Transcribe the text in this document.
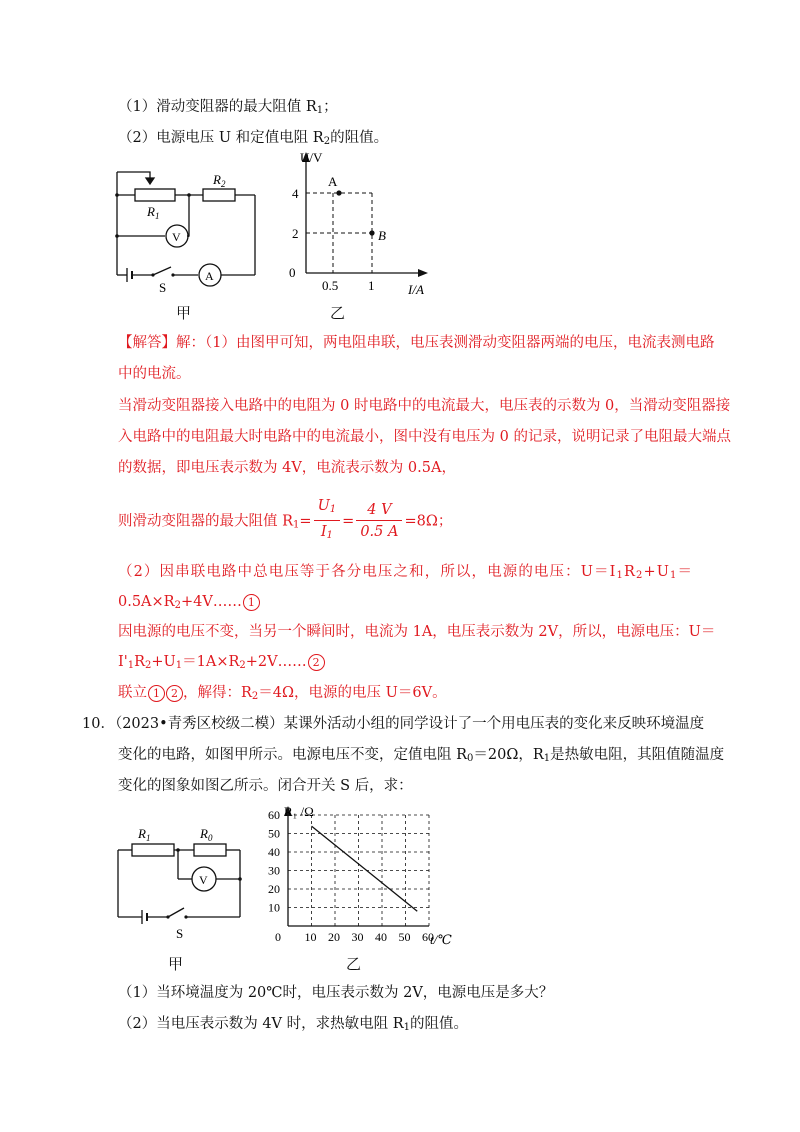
（1）滑动变阻器的最大阻值 $R_1$；
（2）电源电压 U 和定值电阻 $R_2$的阻值。
$R_2$
$R_1$
V
A
S
甲
U/V
I/A
0
4
2
0.5 1
A
B
乙
【解答】解：（1）由图甲可知，两电阻串联，电压表测滑动变阻器两端的电压，电流表测电路
中的电流。
当滑动变阻器接入电路中的电阻为 0 时电路中的电流最大，电压表的示数为 0，当滑动变阻器接
入电路中的电阻最大时电路中的电流最小，图中没有电压为 0 的记录，说明记录了电阻最大端点
的数据，即电压表示数为 4V，电流表示数为 0.5A，
则滑动变阻器的最大阻值 $R_1= \frac{U_1}{I_1} = \frac{4 V}{0.5 A} =8\Omega$；
（2）因串联电路中总电压等于各分电压之和，所以，电源的电压：$U=I_1R_2+U_1=$
$0.5A\times R_2+4V\dots\dots$ 1
因电源的电压不变，当另一个瞬间时，电流为 1A，电压表示数为 2V，所以，电源电压：U＝
$I'_1R_2+U_1=1A\times R_2+2V\dots\dots$ 2
联立 1 2 ，解得：$R_2=4\Omega$，电源的电压 U＝6V。
10．（2023•青秀区校级二模）某课外活动小组的同学设计了一个用电压表的变化来反映环境温度
变化的电路，如图甲所示。电源电压不变，定值电阻 $R_0=20\Omega$，$R_1$是热敏电阻，其阻值随温度
变化的图象如图乙所示。闭合开关 S 后，求：
$R_1$	$R_0$
V
S
甲
10
20
30
40
50
60
0 10 20 30 40 50 60
R₁ /Ω
t/℃
乙
（1）当环境温度为 20℃时，电压表示数为 2V，电源电压是多大？
（2）当电压表示数为 4V 时，求热敏电阻 $R_1$的阻值。
